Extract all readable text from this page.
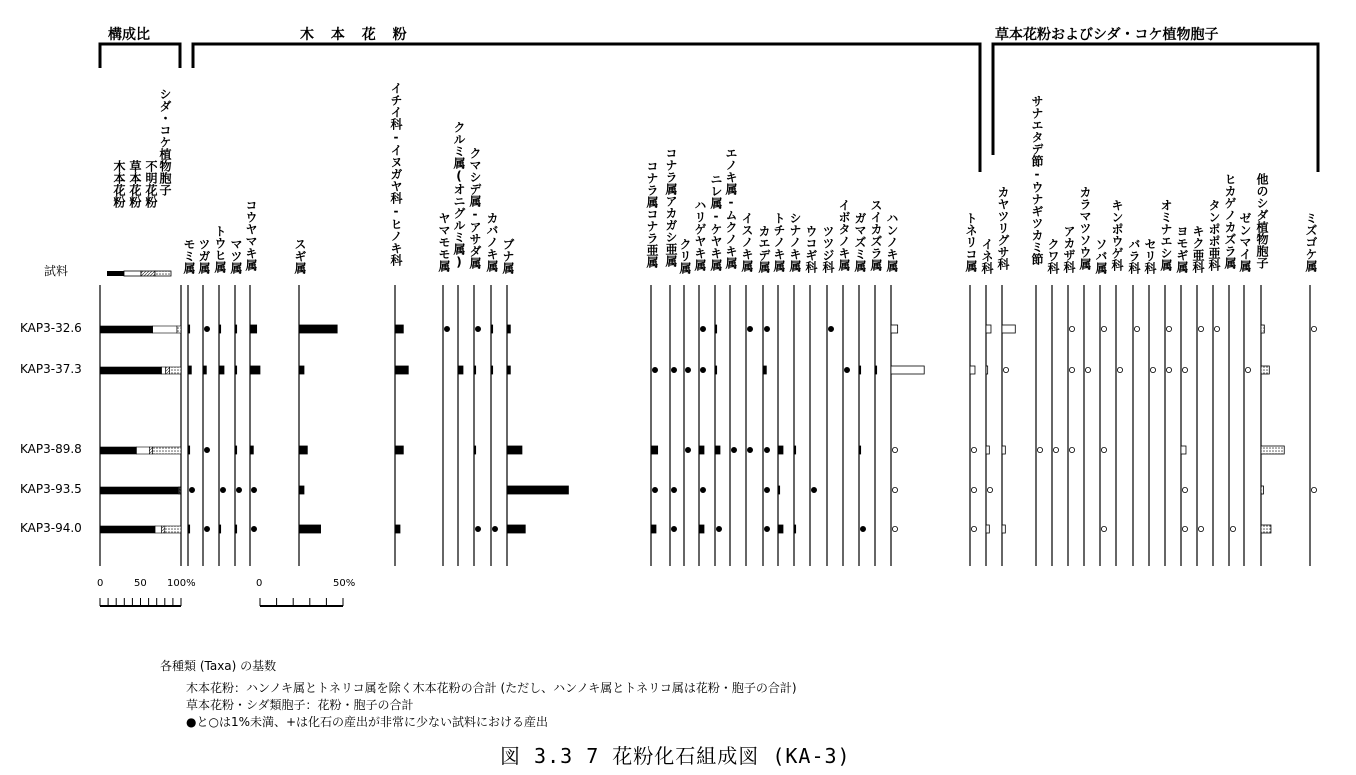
構成比	木 本 花 粉	草本花粉およびシダ・コケ植物胞子
試料
木本花粉 草本花粉 不明花粉 シダ・コケ植物胞子
モミ属 ツガ属 トウヒ属 マツ属 コウヤマキ属	スギ属	イチイ科-イヌガヤ科-ヒノキ科	ヤマモモ属 クルミ属(オニグルミ属) クマシデ属-アサダ属 カバノキ属 ブナ属	コナラ属コナラ亜属 コナラ属アカガシ亜属 クリ属 ハリゲヤキ属 ニレ属-ケヤキ属 エノキ属-ムクノキ属 イスノキ属 カエデ属 トチノキ属 シナノキ属 ウコギ科 ツツジ科 イボタノキ属 ガマズミ属 スイカズラ属 ハンノキ属	トネリコ属 イネ科 カヤツリグサ科 サナエタデ節-ウナギツカミ節 クワ科 アカザ科 カラマツソウ属 ソバ属 キンポウゲ科 バラ科 セリ科 オミナエシ属 ヨモギ属 キク亜科 タンポポ亜科 ヒカゲノカズラ属 ゼンマイ属 他のシダ植物胞子	ミズゴケ属
KAP3-32.6
KAP3-37.3
KAP3-89.8
KAP3-93.5
KAP3-94.0
0	50 100%	0	50%
各種類 (Taxa) の基数
木本花粉：ハンノキ属とトネリコ属を除く木本花粉の合計 (ただし、ハンノキ属とトネリコ属は花粉・胞子の合計)
草本花粉・シダ類胞子：花粉・胞子の合計
●と○は1%未満、+は化石の産出が非常に少ない試料における産出
図 3.3 7 花粉化石組成図 (KA-3)
